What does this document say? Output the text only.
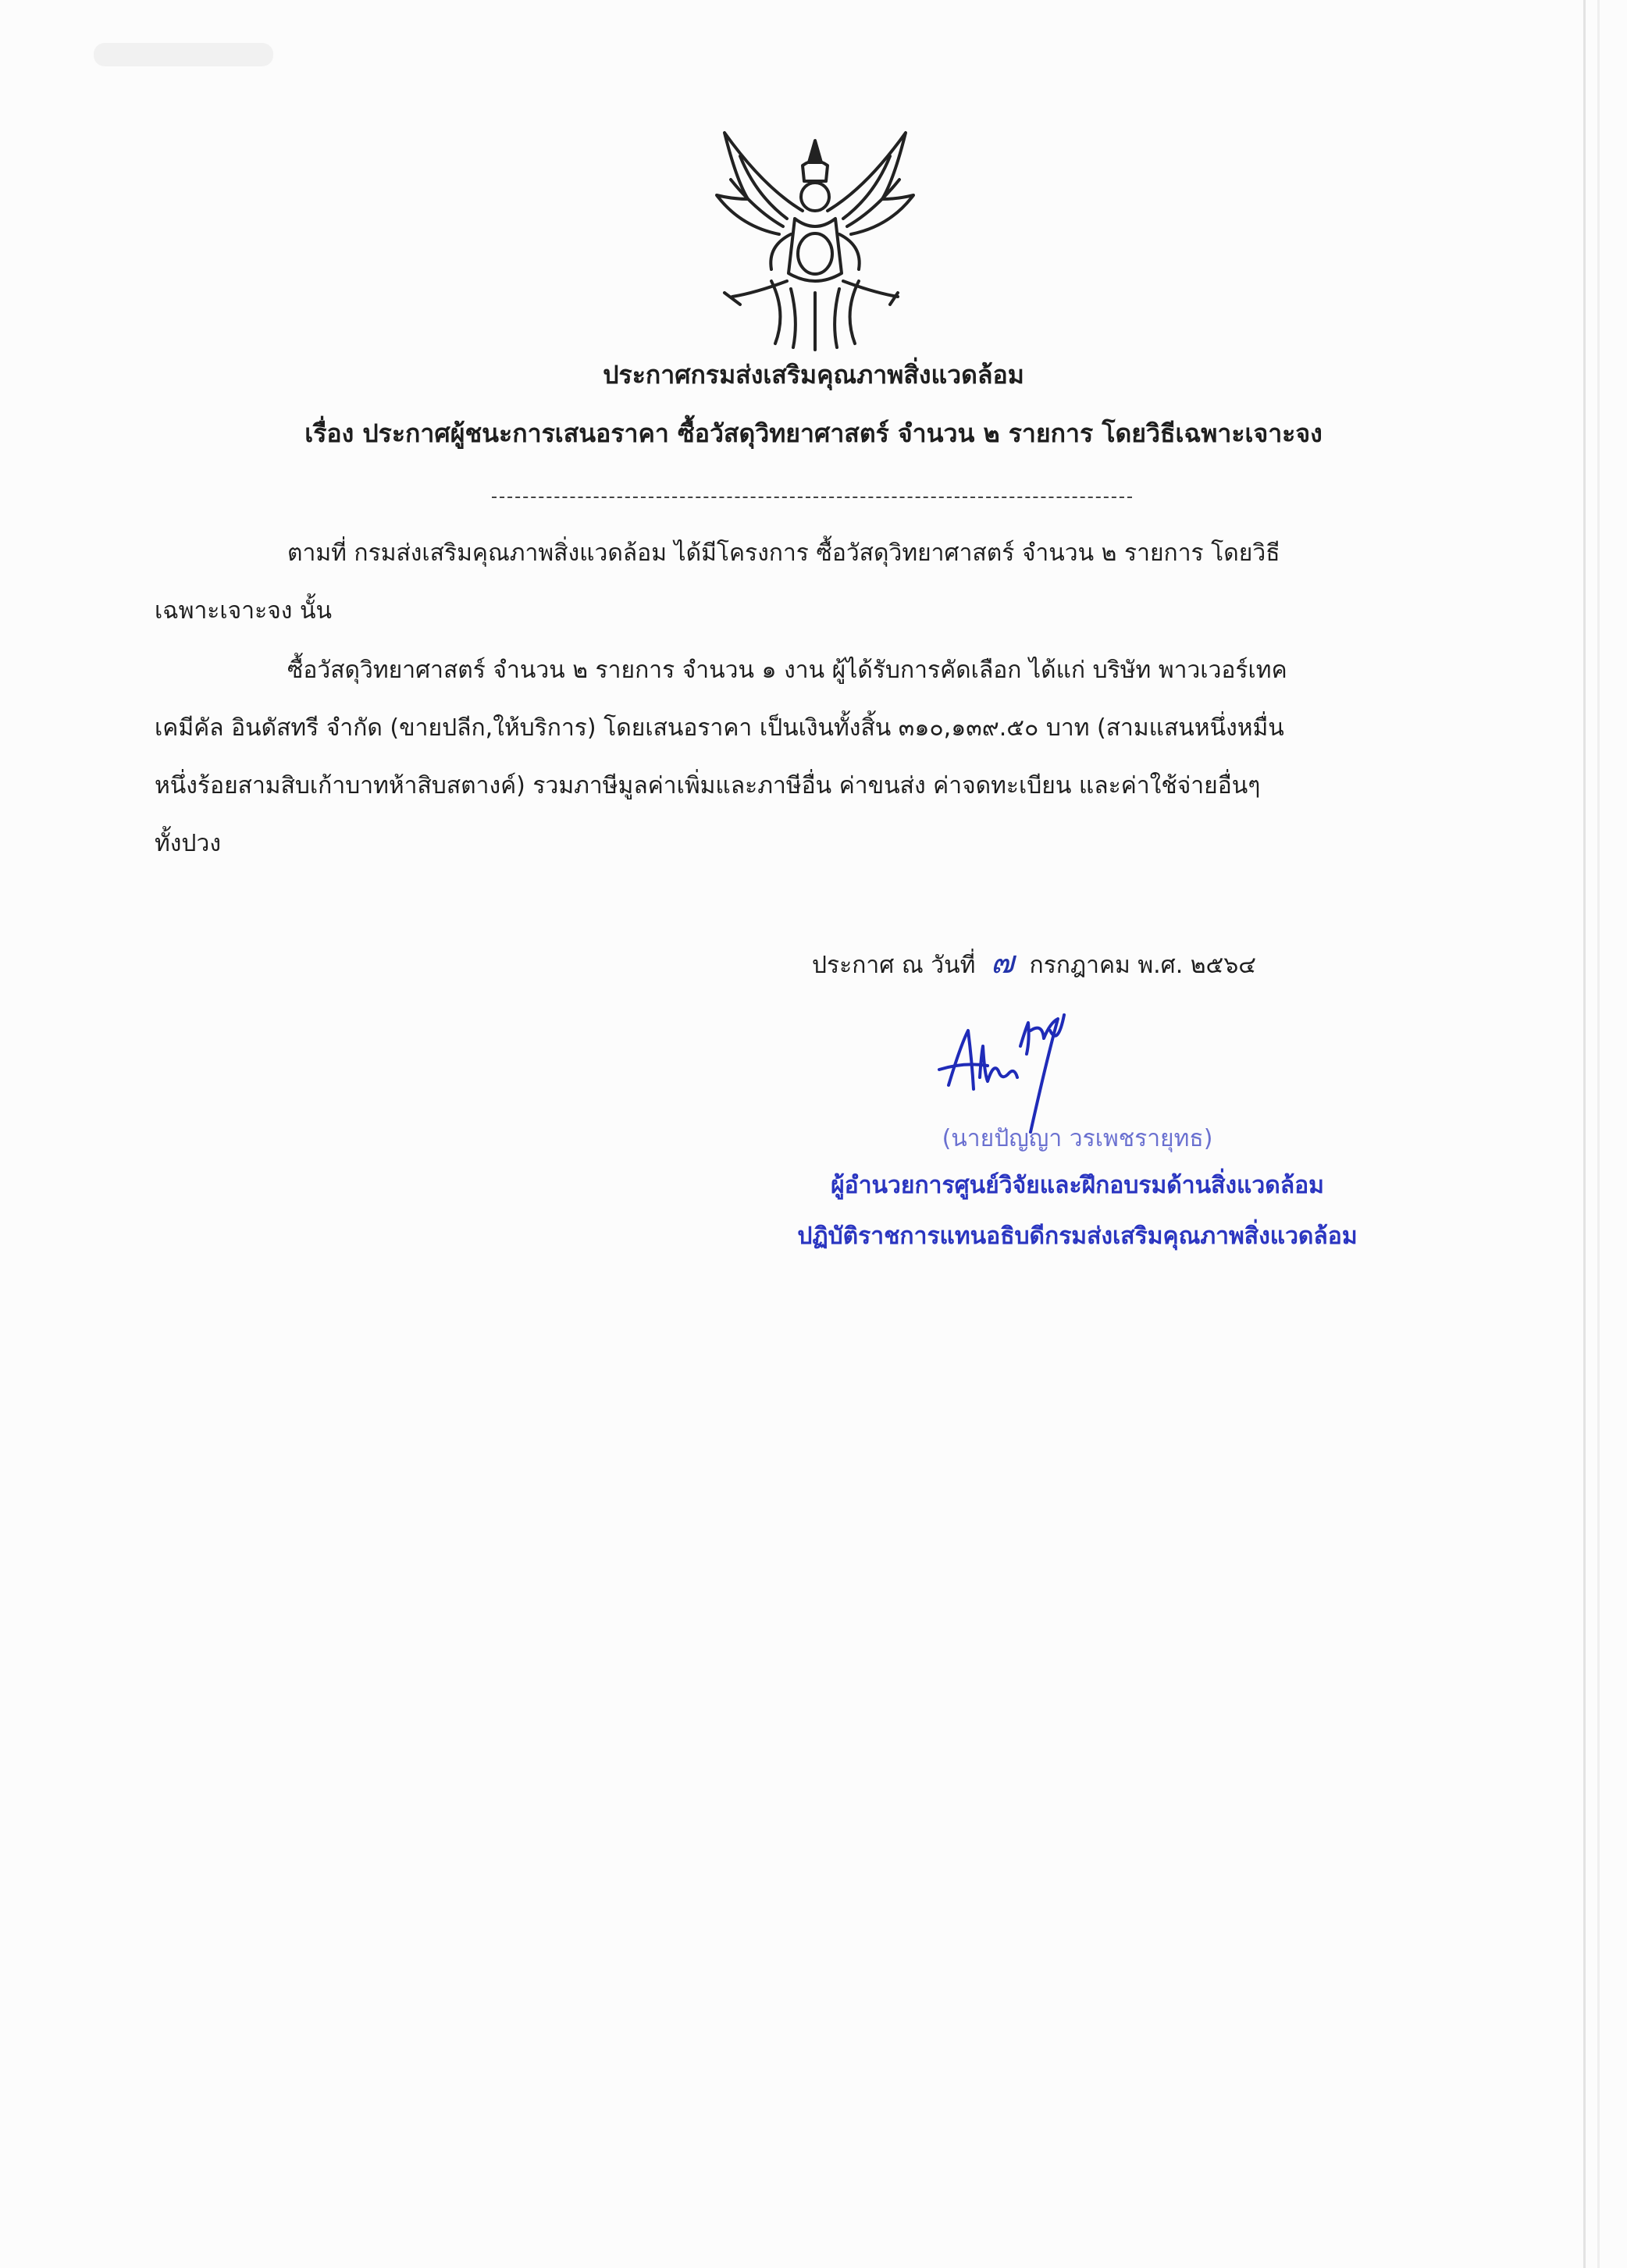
ประกาศกรมส่งเสริมคุณภาพสิ่งแวดล้อม
เรื่อง ประกาศผู้ชนะการเสนอราคา ซื้อวัสดุวิทยาศาสตร์ จำนวน ๒ รายการ โดยวิธีเฉพาะเจาะจง
ตามที่ กรมส่งเสริมคุณภาพสิ่งแวดล้อม ได้มีโครงการ ซื้อวัสดุวิทยาศาสตร์ จำนวน ๒ รายการ โดยวิธี
เฉพาะเจาะจง นั้น
ซื้อวัสดุวิทยาศาสตร์ จำนวน ๒ รายการ จำนวน ๑ งาน ผู้ได้รับการคัดเลือก ได้แก่ บริษัท พาวเวอร์เทค
เคมีคัล อินดัสทรี จำกัด (ขายปลีก,ให้บริการ) โดยเสนอราคา เป็นเงินทั้งสิ้น ๓๑๐,๑๓๙.๕๐ บาท (สามแสนหนึ่งหมื่น
หนึ่งร้อยสามสิบเก้าบาทห้าสิบสตางค์) รวมภาษีมูลค่าเพิ่มและภาษีอื่น ค่าขนส่ง ค่าจดทะเบียน และค่าใช้จ่ายอื่นๆ
ทั้งปวง
ประกาศ ณ วันที่ ๗ กรกฎาคม พ.ศ. ๒๕๖๔
(นายปัญญา วรเพชรายุทธ)
ผู้อำนวยการศูนย์วิจัยและฝึกอบรมด้านสิ่งแวดล้อม
ปฏิบัติราชการแทนอธิบดีกรมส่งเสริมคุณภาพสิ่งแวดล้อม
